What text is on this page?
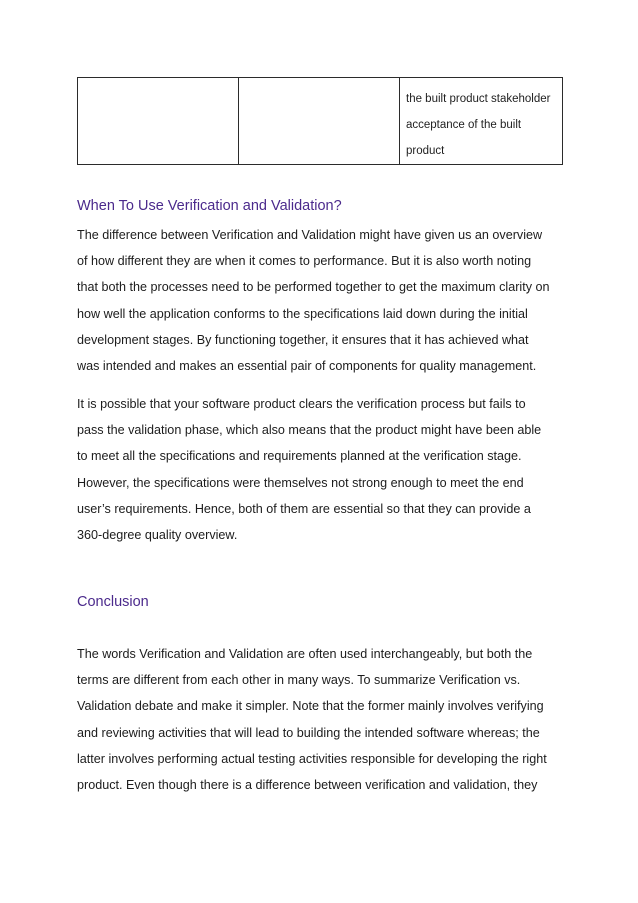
the built product stakeholder
acceptance of the built
product
When To Use Verification and Validation?
The difference between Verification and Validation might have given us an overview
of how different they are when it comes to performance. But it is also worth noting
that both the processes need to be performed together to get the maximum clarity on
how well the application conforms to the specifications laid down during the initial
development stages. By functioning together, it ensures that it has achieved what
was intended and makes an essential pair of components for quality management.
It is possible that your software product clears the verification process but fails to
pass the validation phase, which also means that the product might have been able
to meet all the specifications and requirements planned at the verification stage.
However, the specifications were themselves not strong enough to meet the end
user’s requirements. Hence, both of them are essential so that they can provide a
360-degree quality overview.
Conclusion
The words Verification and Validation are often used interchangeably, but both the
terms are different from each other in many ways. To summarize Verification vs.
Validation debate and make it simpler. Note that the former mainly involves verifying
and reviewing activities that will lead to building the intended software whereas; the
latter involves performing actual testing activities responsible for developing the right
product. Even though there is a difference between verification and validation, they
